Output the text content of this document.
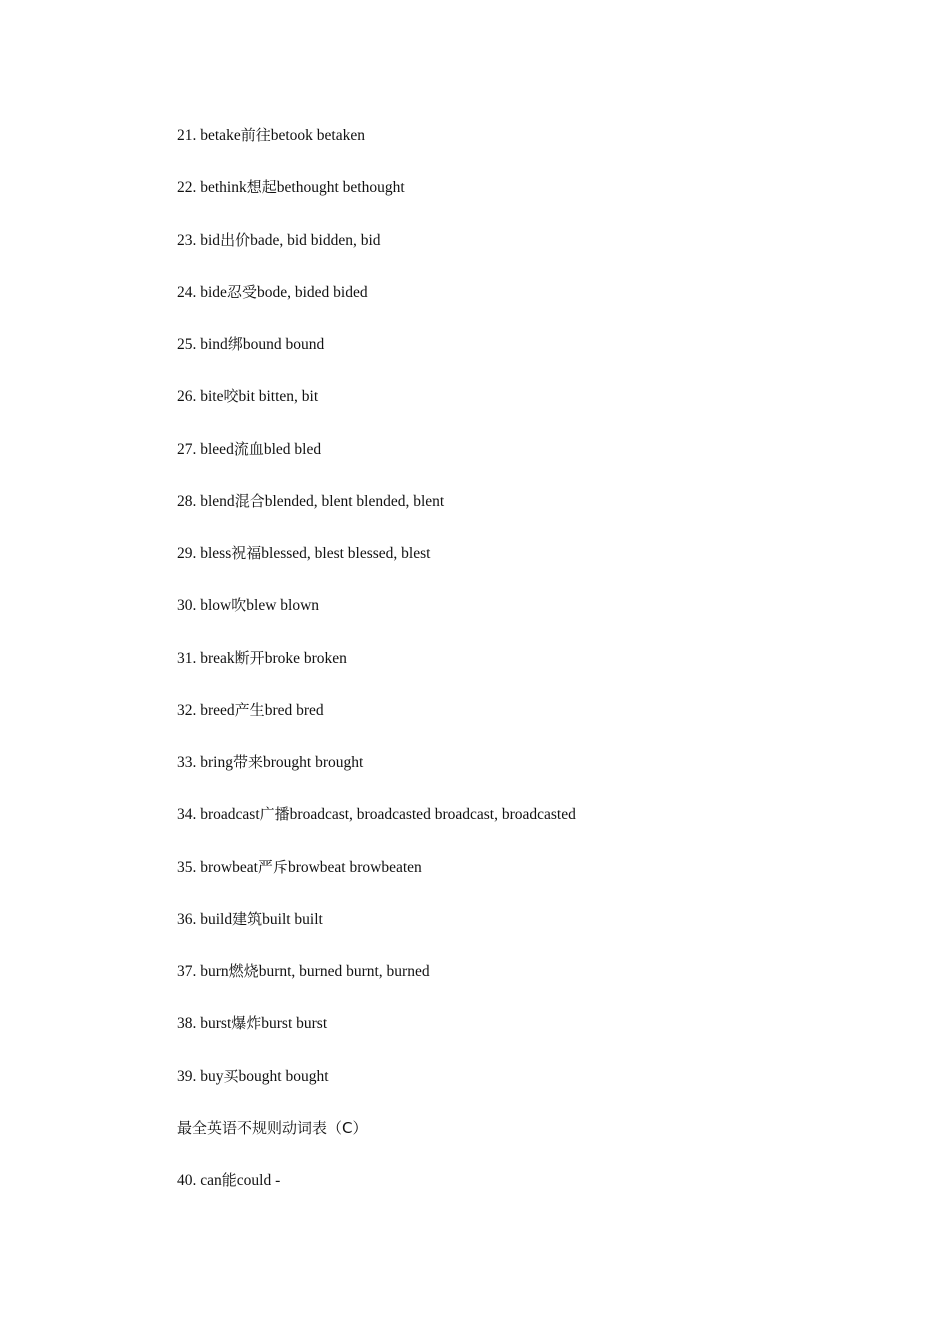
21. betake前往betook betaken
22. bethink想起bethought bethought
23. bid出价bade, bid bidden, bid
24. bide忍受bode, bided bided
25. bind绑bound bound
26. bite咬bit bitten, bit
27. bleed流血bled bled
28. blend混合blended, blent blended, blent
29. bless祝福blessed, blest blessed, blest
30. blow吹blew blown
31. break断开broke broken
32. breed产生bred bred
33. bring带来brought brought
34. broadcast广播broadcast, broadcasted broadcast, broadcasted
35. browbeat严斥browbeat browbeaten
36. build建筑built built
37. burn燃烧burnt, burned burnt, burned
38. burst爆炸burst burst
39. buy买bought bought
最全英语不规则动词表（C）
40. can能could -
